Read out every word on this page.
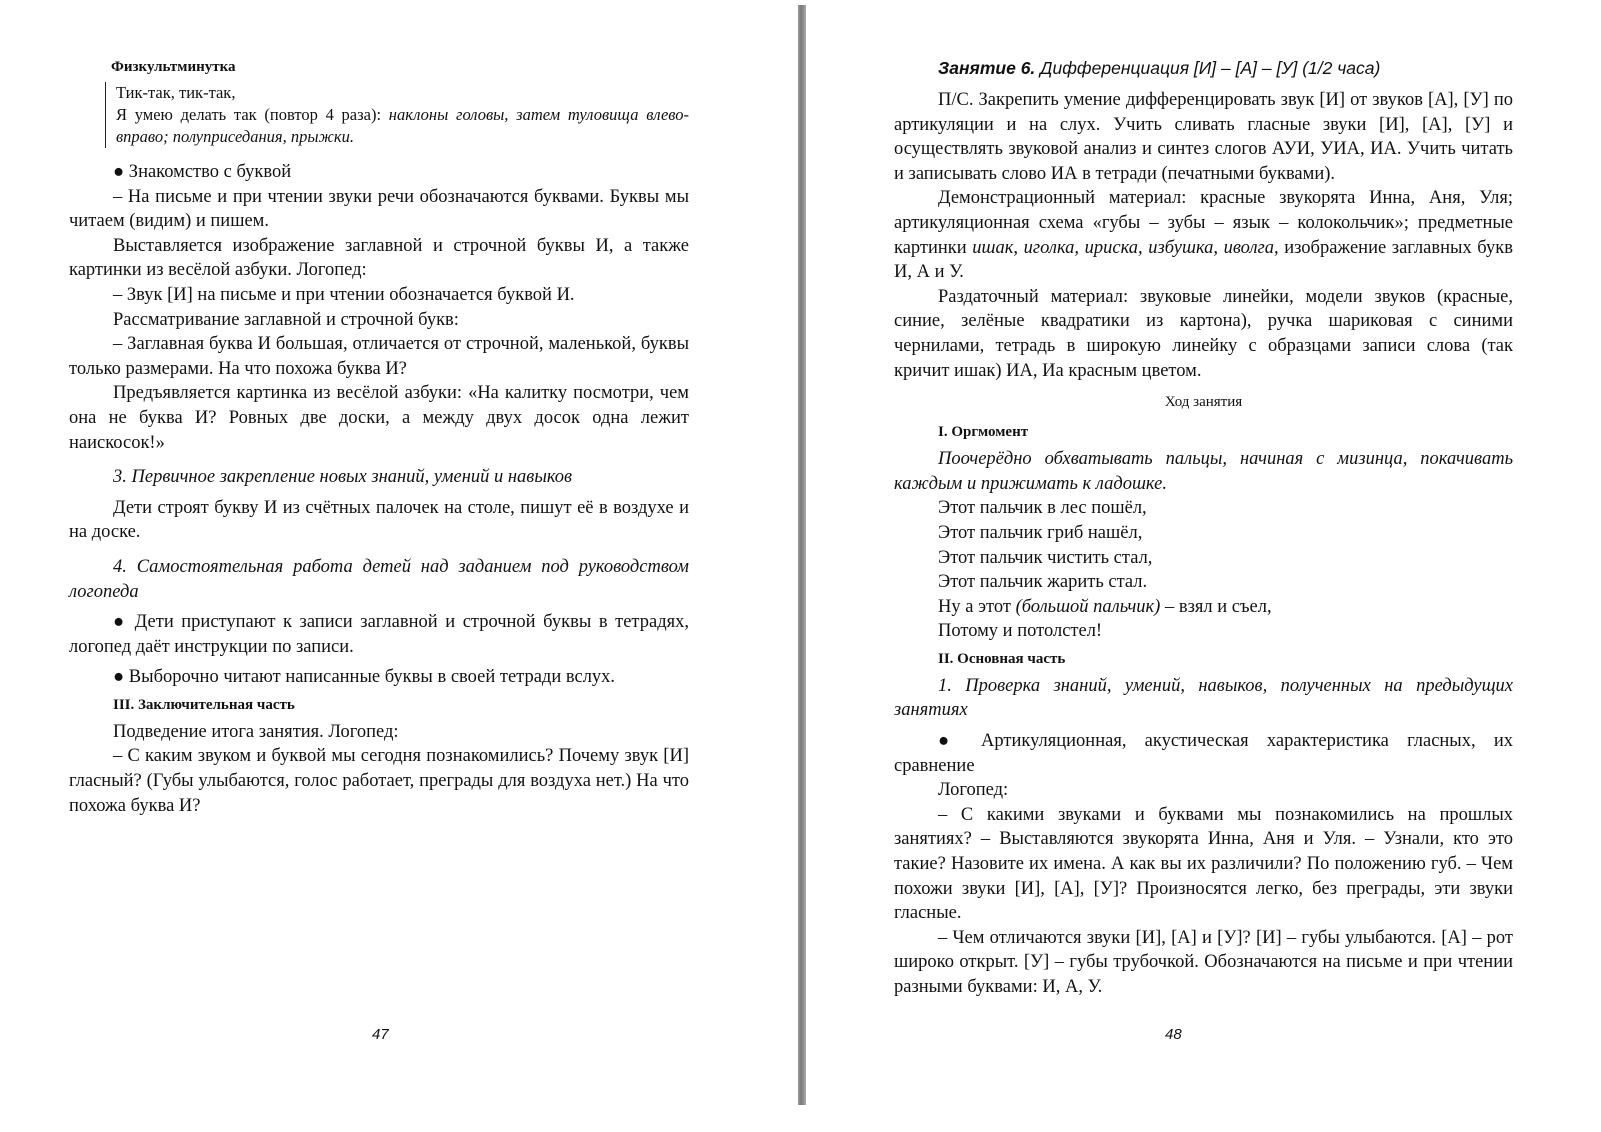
Физкультминутка

Тик-так, тик-так,

Я умею делать так (повтор 4 раза): наклоны головы, затем туловища влево-вправо; полуприседания, прыжки.

● Знакомство с буквой

– На письме и при чтении звуки речи обозначаются буквами. Буквы мы читаем (видим) и пишем.

Выставляется изображение заглавной и строчной буквы И, а также картинки из весёлой азбуки. Логопед:

– Звук [И] на письме и при чтении обозначается буквой И.

Рассматривание заглавной и строчной букв:

– Заглавная буква И большая, отличается от строчной, маленькой, буквы только размерами. На что похожа буква И?

Предъявляется картинка из весёлой азбуки: «На калитку посмотри, чем она не буква И? Ровных две доски, а между двух досок одна лежит наискосок!»

3. Первичное закрепление новых знаний, умений и навыков

Дети строят букву И из счётных палочек на столе, пишут её в воздухе и на доске.

4. Самостоятельная работа детей над заданием под руководством логопеда

● Дети приступают к записи заглавной и строчной буквы в тетрадях, логопед даёт инструкции по записи.

● Выборочно читают написанные буквы в своей тетради вслух.

III. Заключительная часть

Подведение итога занятия. Логопед:

– С каким звуком и буквой мы сегодня познакомились? Почему звук [И] гласный? (Губы улыбаются, голос работает, преграды для воздуха нет.) На что похожа буква И?

47

Занятие 6. Дифференциация [И] – [А] – [У] (1/2 часа)

П/С. Закрепить умение дифференцировать звук [И] от звуков [А], [У] по артикуляции и на слух. Учить сливать гласные звуки [И], [А], [У] и осуществлять звуковой анализ и синтез слогов АУИ, УИА, ИА. Учить читать и записывать слово ИА в тетради (печатными буквами).

Демонстрационный материал: красные звукорята Инна, Аня, Уля; артикуляционная схема «губы – зубы – язык – колокольчик»; предметные картинки ишак, иголка, ириска, избушка, иволга, изображение заглавных букв И, А и У.

Раздаточный материал: звуковые линейки, модели звуков (красные, синие, зелёные квадратики из картона), ручка шариковая с синими чернилами, тетрадь в широкую линейку с образцами записи слова (так кричит ишак) ИА, Иа красным цветом.

Ход занятия

I. Оргмомент

Поочерёдно обхватывать пальцы, начиная с мизинца, покачивать каждым и прижимать к ладошке.

Этот пальчик в лес пошёл,

Этот пальчик гриб нашёл,

Этот пальчик чистить стал,

Этот пальчик жарить стал.

Ну а этот (большой пальчик) – взял и съел,

Потому и потолстел!

II. Основная часть

1. Проверка знаний, умений, навыков, полученных на предыдущих занятиях

● Артикуляционная, акустическая характеристика гласных, их сравнение

Логопед:

– С какими звуками и буквами мы познакомились на прошлых занятиях? – Выставляются звукорята Инна, Аня и Уля. – Узнали, кто это такие? Назовите их имена. А как вы их различили? По положению губ. – Чем похожи звуки [И], [А], [У]? Произносятся легко, без преграды, эти звуки гласные.

– Чем отличаются звуки [И], [А] и [У]? [И] – губы улыбаются. [А] – рот широко открыт. [У] – губы трубочкой. Обозначаются на письме и при чтении разными буквами: И, А, У.

48
